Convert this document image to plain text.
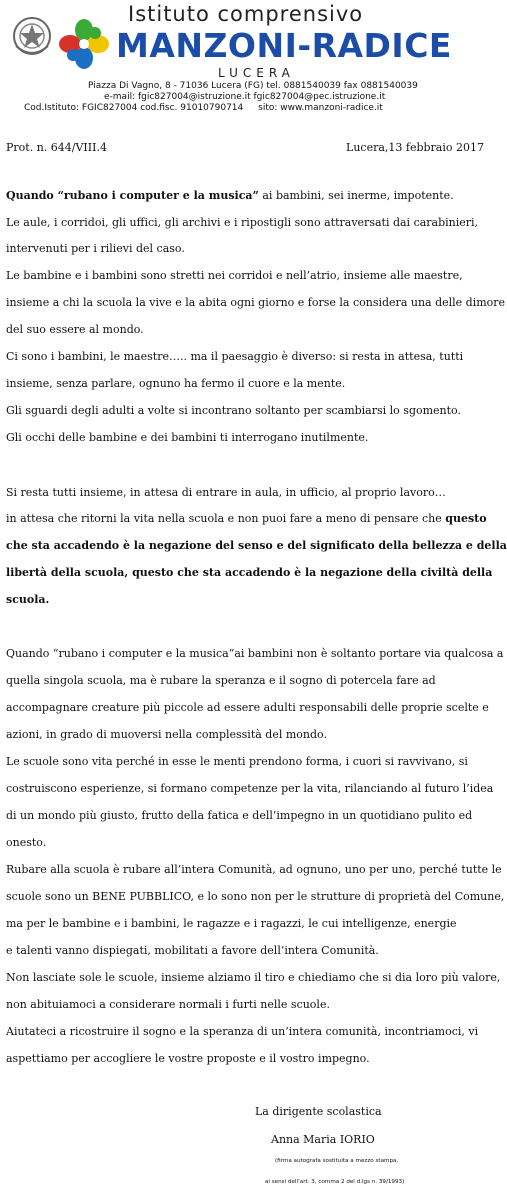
Istituto comprensivo
MANZONI-RADICE
LUCERA
Piazza Di Vagno, 8 - 71036 Lucera (FG) tel. 0881540039 fax 0881540039
e-mail: fgic827004@istruzione.it fgic827004@pec.istruzione.it
Cod.Istituto: FGIC827004 cod.fisc. 91010790714 sito: www.manzoni-radice.it
Prot. n. 644/VIII.4	Lucera,13 febbraio 2017
Quando “rubano i computer e la musica” ai bambini, sei inerme, impotente.
Le aule, i corridoi, gli uffici, gli archivi e i ripostigli sono attraversati dai carabinieri,
intervenuti per i rilievi del caso.
Le bambine e i bambini sono stretti nei corridoi e nell’atrio, insieme alle maestre,
insieme a chi la scuola la vive e la abita ogni giorno e forse la considera una delle dimore
del suo essere al mondo.
Ci sono i bambini, le maestre….. ma il paesaggio è diverso: si resta in attesa, tutti
insieme, senza parlare, ognuno ha fermo il cuore e la mente.
Gli sguardi degli adulti a volte si incontrano soltanto per scambiarsi lo sgomento.
Gli occhi delle bambine e dei bambini ti interrogano inutilmente.
Si resta tutti insieme, in attesa di entrare in aula, in ufficio, al proprio lavoro…
in attesa che ritorni la vita nella scuola e non puoi fare a meno di pensare che questo
che sta accadendo è la negazione del senso e del significato della bellezza e della
libertà della scuola, questo che sta accadendo è la negazione della civiltà della
scuola.
Quando “rubano i computer e la musica”ai bambini non è soltanto portare via qualcosa a
quella singola scuola, ma è rubare la speranza e il sogno di potercela fare ad
accompagnare creature più piccole ad essere adulti responsabili delle proprie scelte e
azioni, in grado di muoversi nella complessità del mondo.
Le scuole sono vita perché in esse le menti prendono forma, i cuori si ravvivano, si
costruiscono esperienze, si formano competenze per la vita, rilanciando al futuro l’idea
di un mondo più giusto, frutto della fatica e dell’impegno in un quotidiano pulito ed
onesto.
Rubare alla scuola è rubare all’intera Comunità, ad ognuno, uno per uno, perché tutte le
scuole sono un BENE PUBBLICO, e lo sono non per le strutture di proprietà del Comune,
ma per le bambine e i bambini, le ragazze e i ragazzi, le cui intelligenze, energie
e talenti vanno dispiegati, mobilitati a favore dell’intera Comunità.
Non lasciate sole le scuole, insieme alziamo il tiro e chiediamo che si dia loro più valore,
non abituiamoci a considerare normali i furti nelle scuole.
Aiutateci a ricostruire il sogno e la speranza di un’intera comunità, incontriamoci, vi
aspettiamo per accogliere le vostre proposte e il vostro impegno.
La dirigente scolastica
Anna Maria IORIO
(firma autografa sostituita a mezzo stampa,
ai sensi dell’art. 3, comma 2 del d.lgs n. 39/1993)
